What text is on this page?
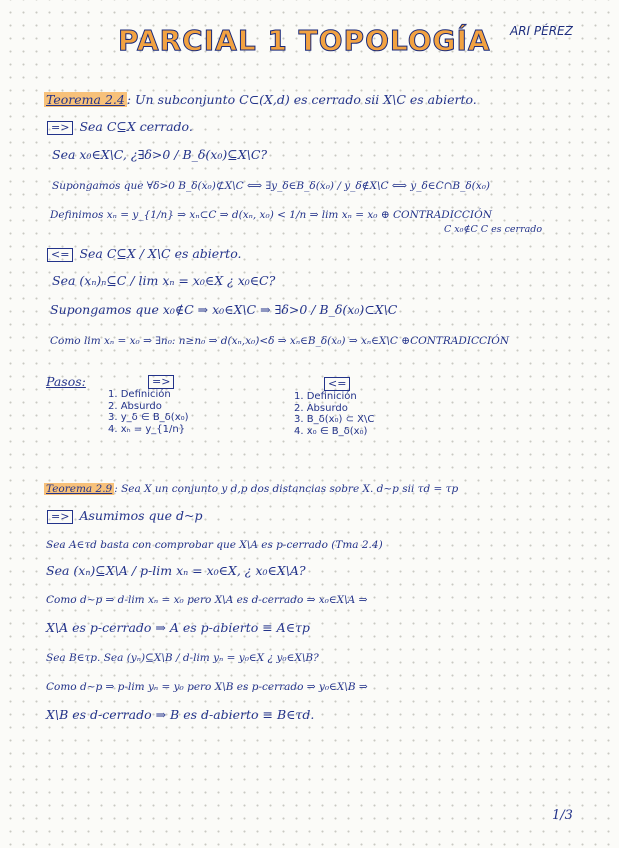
PARCIAL 1 TOPOLOGÍA ARI PÉREZ
Teorema 2.4 : Un subconjunto C⊂(X,d) es cerrado sii X\C es abierto.
=> Sea C⊆X cerrado.
Sea x₀∈X\C, ¿∃δ>0 / B_δ(x₀)⊆X\C?
Supongamos que ∀δ>0 B_δ(x₀)⊄X\C ⟺ ∃y_δ∈B_δ(x₀) / y_δ∉X\C ⟺ y_δ∈C∩B_δ(x₀)
Definimos xₙ = y_{1/n} ⇒ xₙ⊂C ⇒ d(xₙ, x₀) < 1/n ⇒ lim xₙ = x₀ ⊕ CONTRADICCIÓN
C x₀∉C C es cerrado
<= Sea C⊆X / X\C es abierto.
Sea (xₙ)ₙ⊆C / lim xₙ = x₀∈X ¿ x₀∈C?
Supongamos que x₀∉C ⇒ x₀∈X\C ⇒ ∃δ>0 / B_δ(x₀)⊂X\C
Como lim xₙ = x₀ ⇒ ∃n₀: n≥n₀ ⇒ d(xₙ,x₀)<δ ⇒ xₙ∈B_δ(x₀) ⇒ xₙ∈X\C ⊕CONTRADICCIÓN
Pasos:	=>
1. Definición
2. Absurdo
3. y_δ ∈ B_δ(x₀)
4. xₙ = y_{1/n}
<=
1. Definición
2. Absurdo
3. B_δ(x₀) ⊂ X\C
4. x₀ ∈ B_δ(x₀)
Teorema 2.9 : Sea X un conjunto y d,p dos distancias sobre X. d~p sii τd = τp
=> Asumimos que d~p
Sea A∈τd basta con comprobar que X\A es p-cerrado (Tma 2.4)
Sea (xₙ)⊆X\A / p-lim xₙ = x₀∈X, ¿ x₀∈X\A?
Como d~p ⇒ d-lim xₙ = x₀ pero X\A es d-cerrado ⇒ x₀∈X\A ⇒
X\A es p-cerrado ⇒ A es p-abierto ≡ A∈τp
Sea B∈τp. Sea (yₙ)⊆X\B / d-lim yₙ = y₀∈X ¿ y₀∈X\B?
Como d~p ⇒ p-lim yₙ = y₀ pero X\B es p-cerrado ⇒ y₀∈X\B ⇒
X\B es d-cerrado ⇒ B es d-abierto ≡ B∈τd.
1/3
